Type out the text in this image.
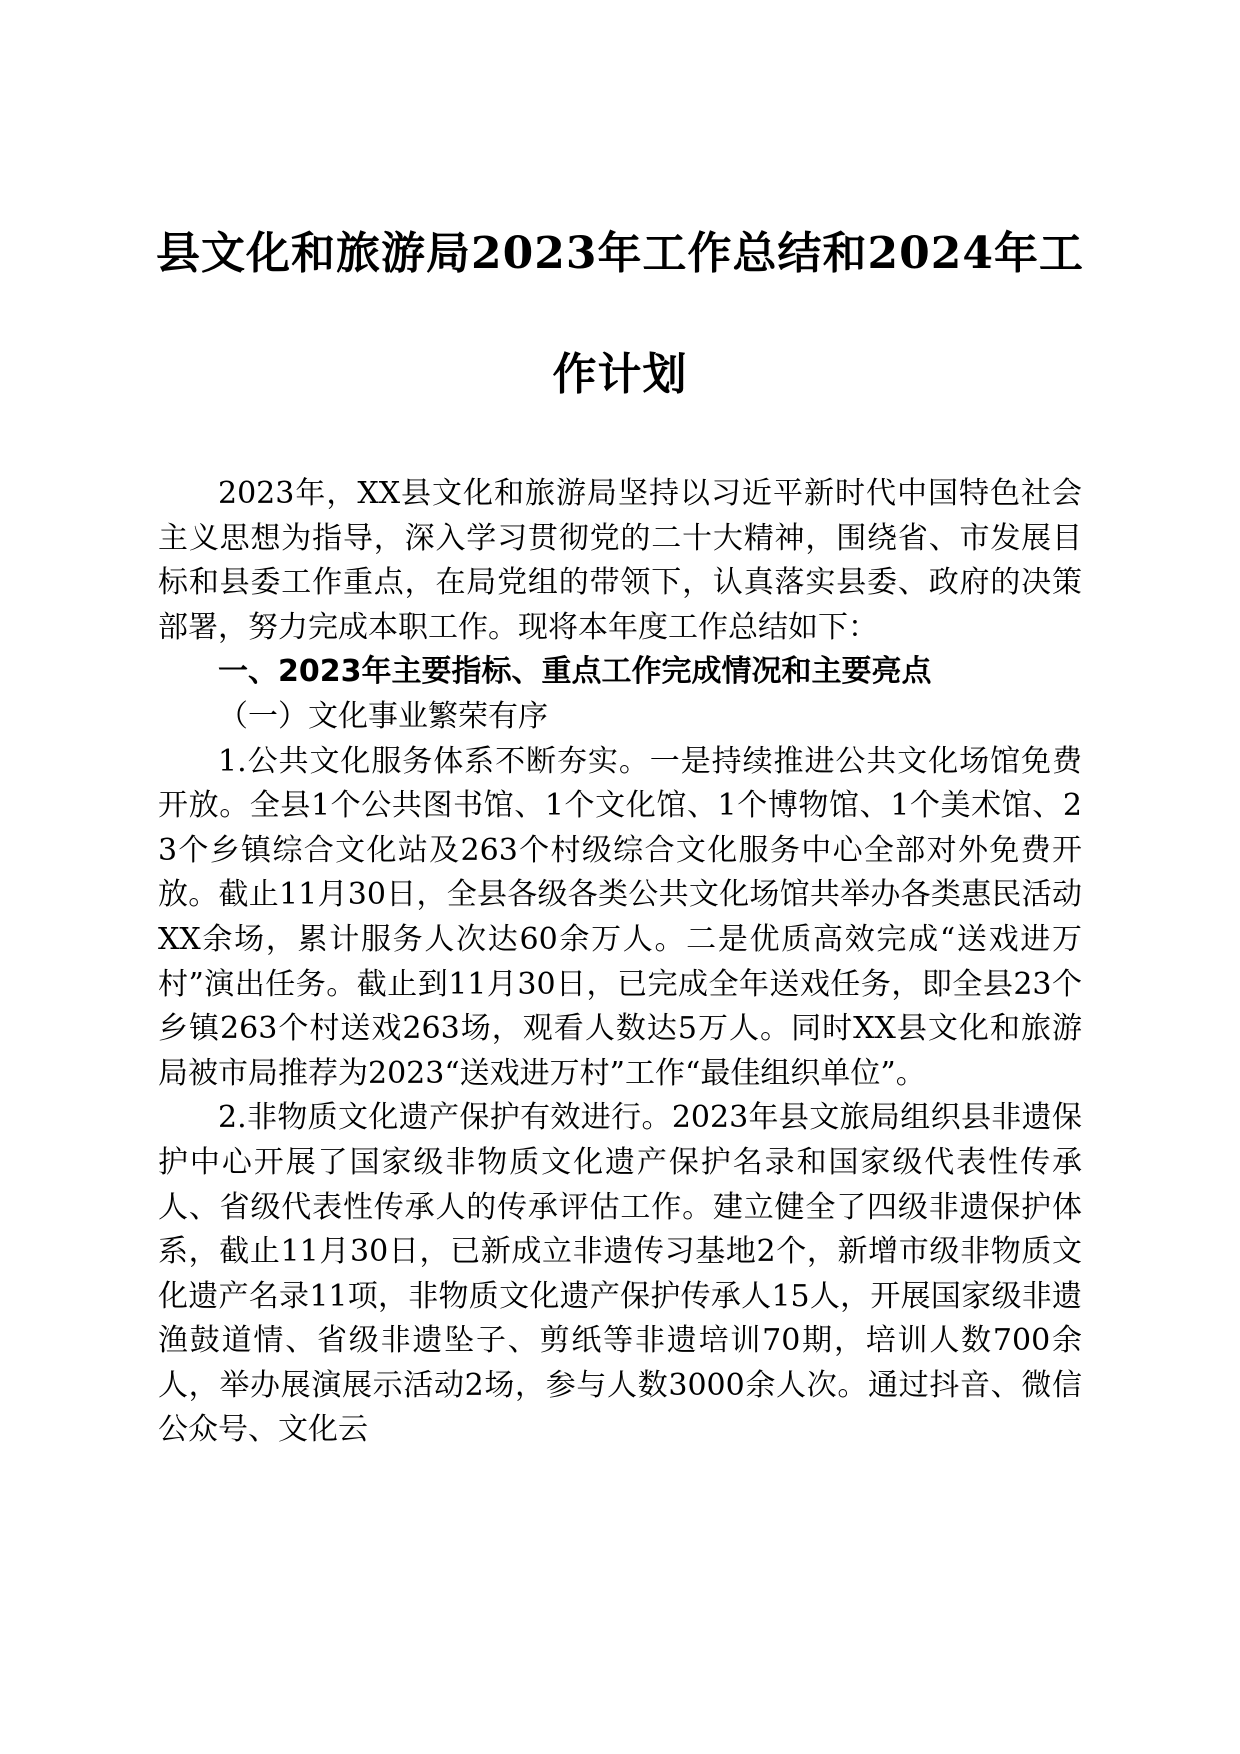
县文化和旅游局2023年工作总结和2024年工
作计划

2023年，XX县文化和旅游局坚持以习近平新时代中国特色社会主义思想为指导，深入学习贯彻党的二十大精神，围绕省、市发展目标和县委工作重点，在局党组的带领下，认真落实县委、政府的决策部署，努力完成本职工作。现将本年度工作总结如下：

一、2023年主要指标、重点工作完成情况和主要亮点

（一）文化事业繁荣有序

1.公共文化服务体系不断夯实。一是持续推进公共文化场馆免费开放。全县1个公共图书馆、1个文化馆、1个博物馆、1个美术馆、23个乡镇综合文化站及263个村级综合文化服务中心全部对外免费开放。截止11月30日，全县各级各类公共文化场馆共举办各类惠民活动XX余场，累计服务人次达60余万人。二是优质高效完成“送戏进万村”演出任务。截止到11月30日，已完成全年送戏任务，即全县23个乡镇263个村送戏263场，观看人数达5万人。同时XX县文化和旅游局被市局推荐为2023“送戏进万村”工作“最佳组织单位”。

2.非物质文化遗产保护有效进行。2023年县文旅局组织县非遗保护中心开展了国家级非物质文化遗产保护名录和国家级代表性传承人、省级代表性传承人的传承评估工作。建立健全了四级非遗保护体系，截止11月30日，已新成立非遗传习基地2个，新增市级非物质文化遗产名录11项，非物质文化遗产保护传承人15人，开展国家级非遗渔鼓道情、省级非遗坠子、剪纸等非遗培训70期，培训人数700余人，举办展演展示活动2场，参与人数3000余人次。通过抖音、微信公众号、文化云
